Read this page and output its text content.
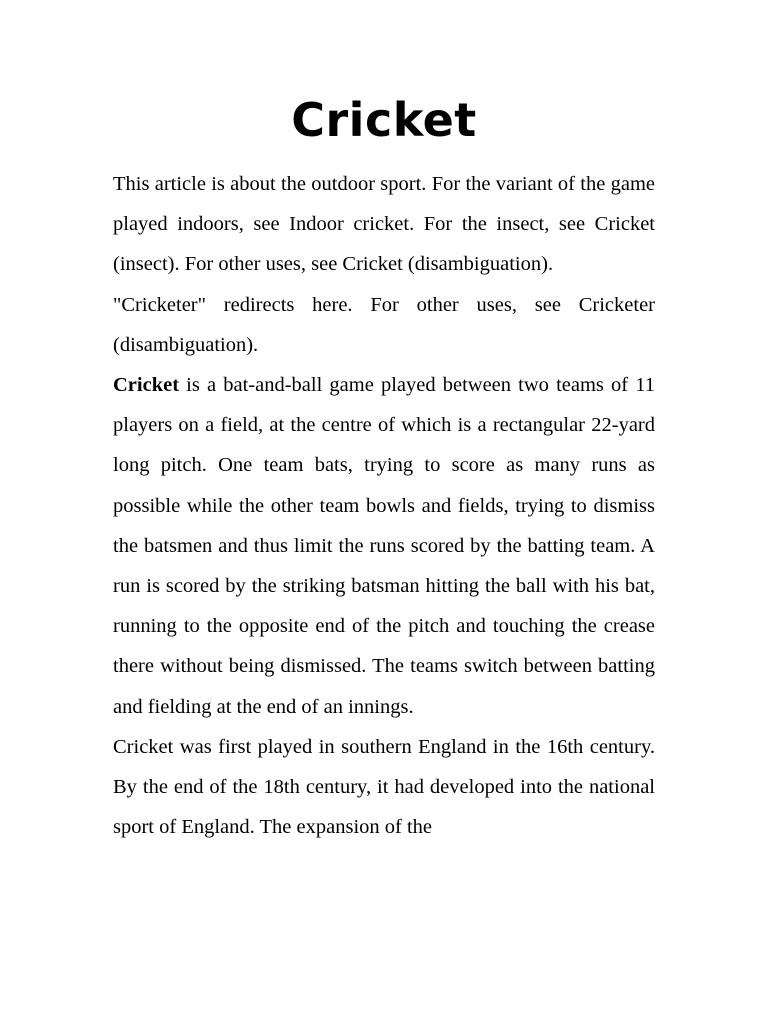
Cricket

This article is about the outdoor sport. For the variant of the game played indoors, see Indoor cricket. For the insect, see Cricket (insect). For other uses, see Cricket (disambiguation).

"Cricketer" redirects here. For other uses, see Cricketer (disambiguation).

Cricket is a bat-and-ball game played between two teams of 11 players on a field, at the centre of which is a rectangular 22-yard long pitch. One team bats, trying to score as many runs as possible while the other team bowls and fields, trying to dismiss the batsmen and thus limit the runs scored by the batting team. A run is scored by the striking batsman hitting the ball with his bat, running to the opposite end of the pitch and touching the crease there without being dismissed. The teams switch between batting and fielding at the end of an innings.

Cricket was first played in southern England in the 16th century. By the end of the 18th century, it had developed into the national sport of England. The expansion of the
